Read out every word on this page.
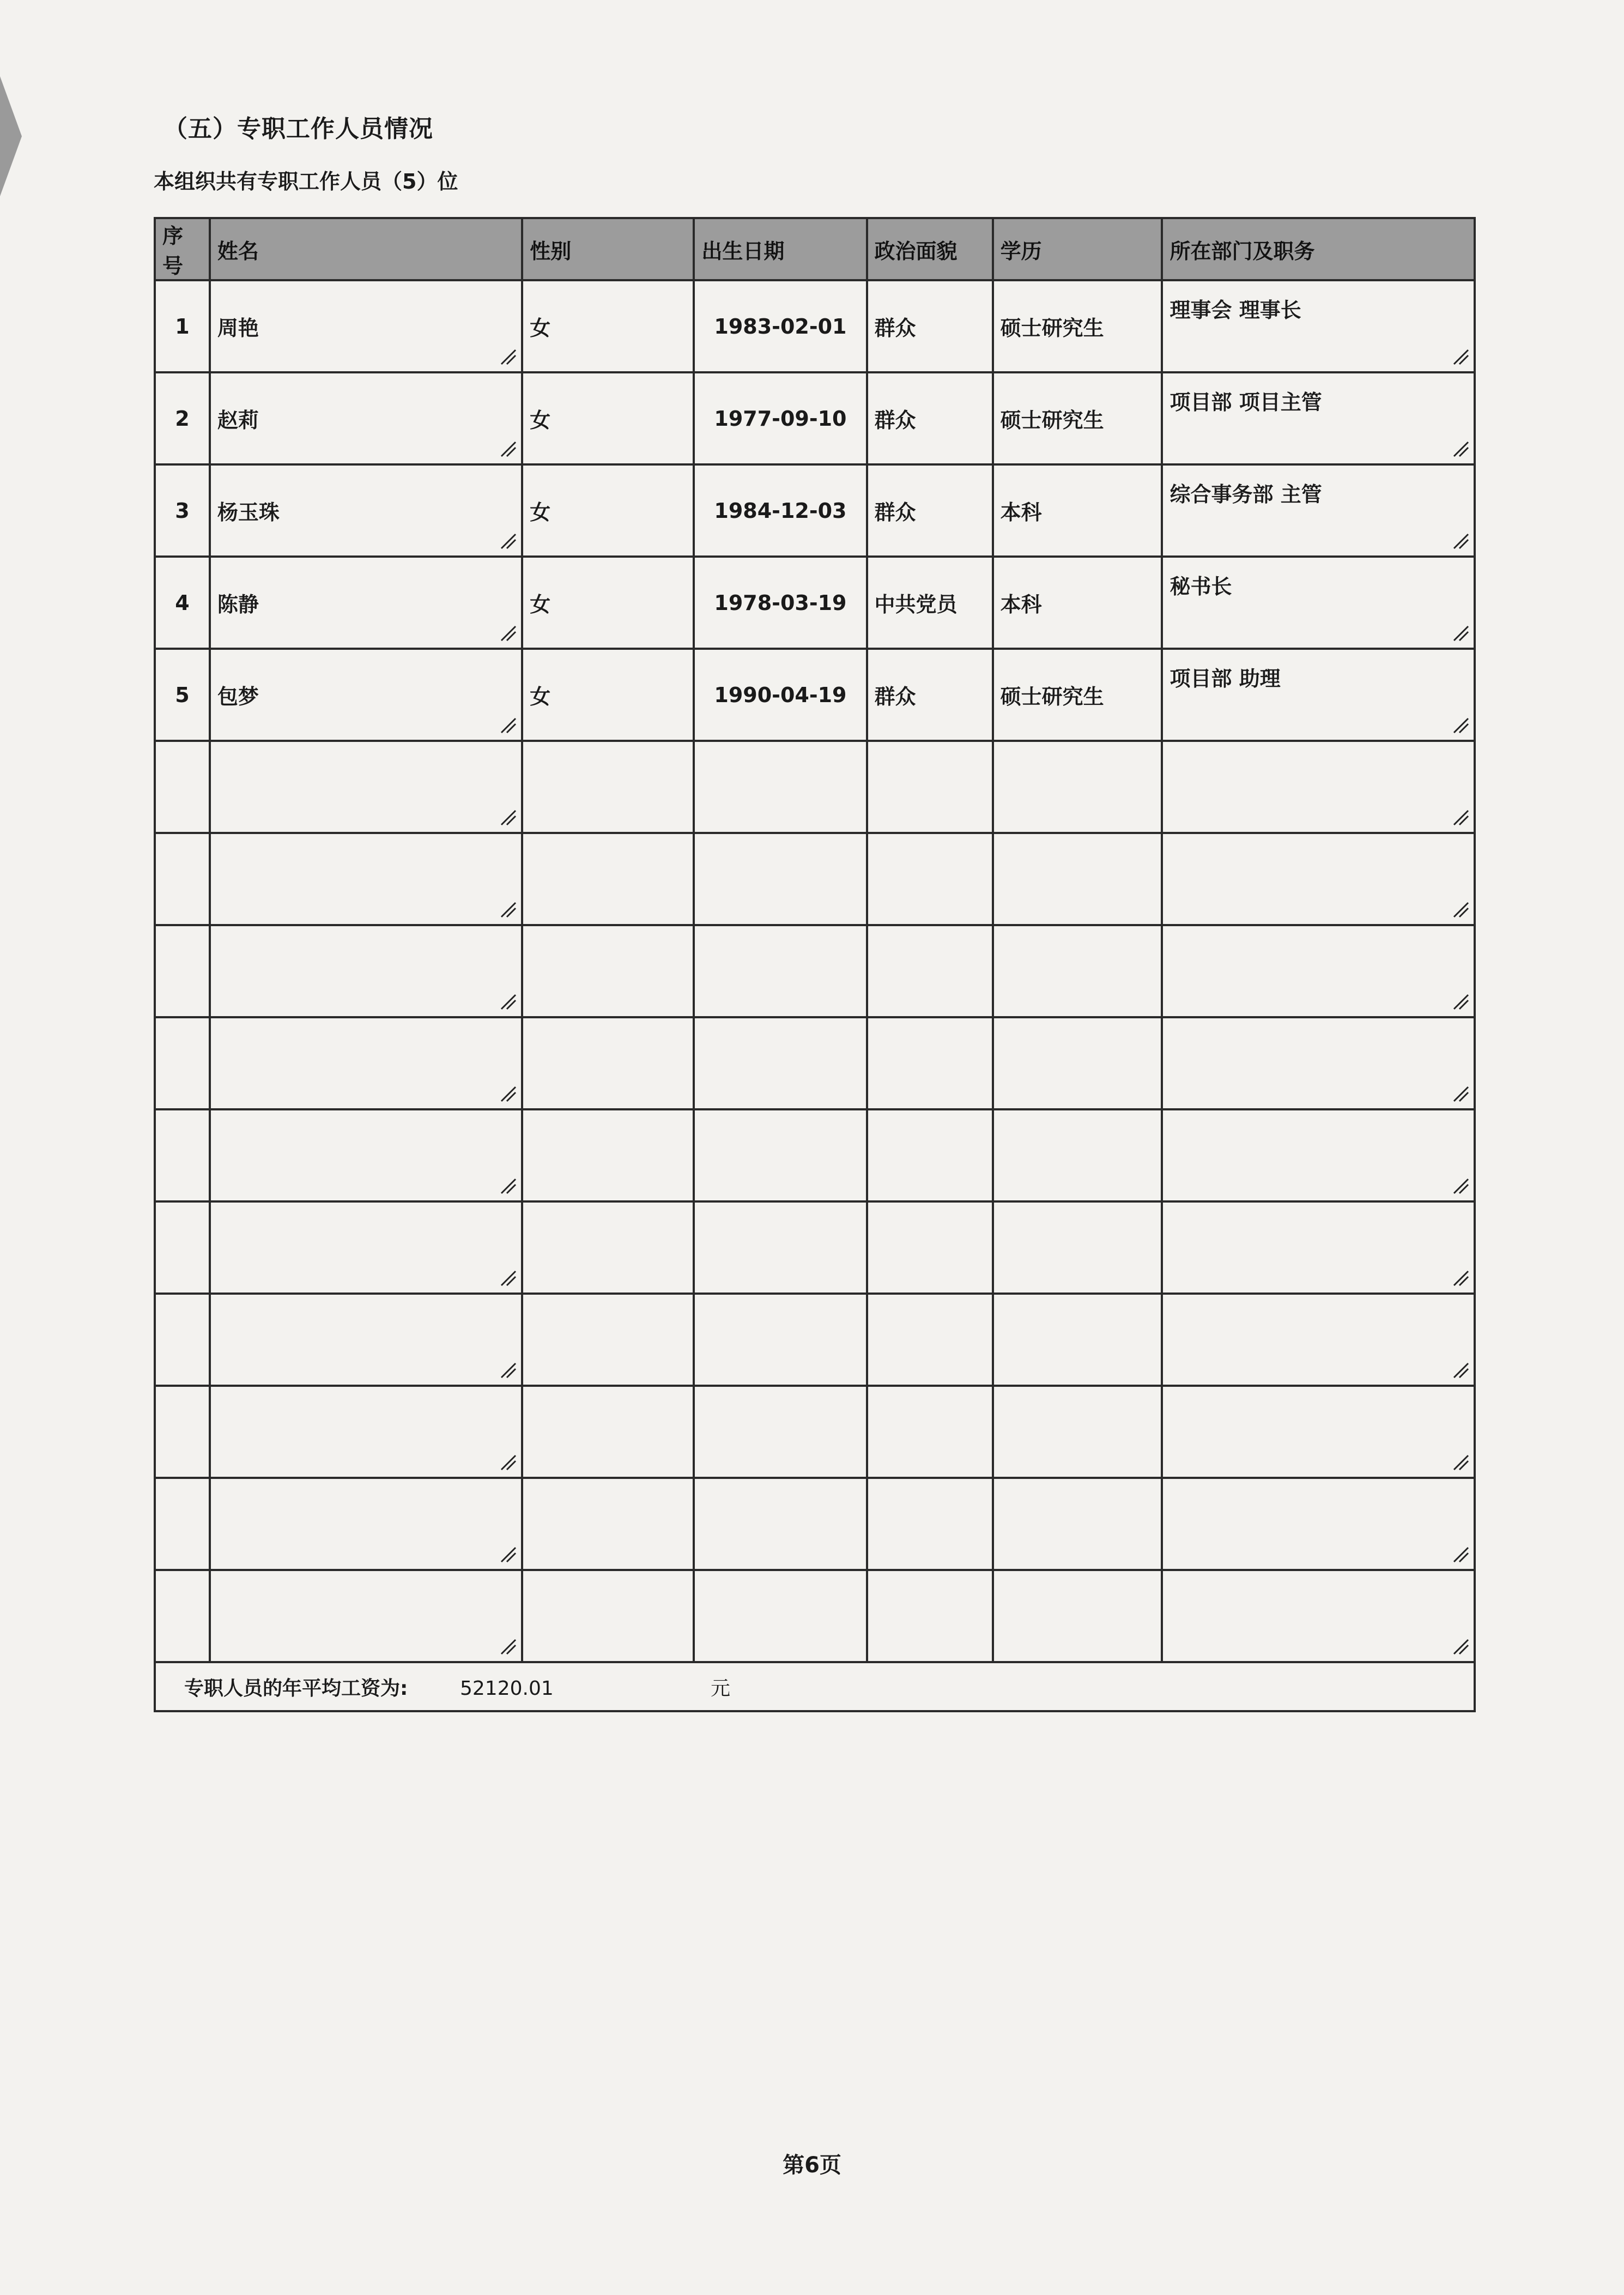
（五）专职工作人员情况
本组织共有专职工作人员（5）位
序号	姓名	性别	出生日期	政治面貌	学历	所在部门及职务
1	周艳	女	1983-02-01	群众	硕士研究生	理事会 理事长

2	赵莉	女	1977-09-10	群众	硕士研究生	项目部 项目主管

3	杨玉珠	女	1984-12-03	群众	本科	综合事务部 主管

4	陈静	女	1978-03-19	中共党员	本科	秘书长

5	包梦	女	1990-04-19	群众	硕士研究生	项目部 助理

专职人员的年平均工资为: 52120.01 元						
第6页
